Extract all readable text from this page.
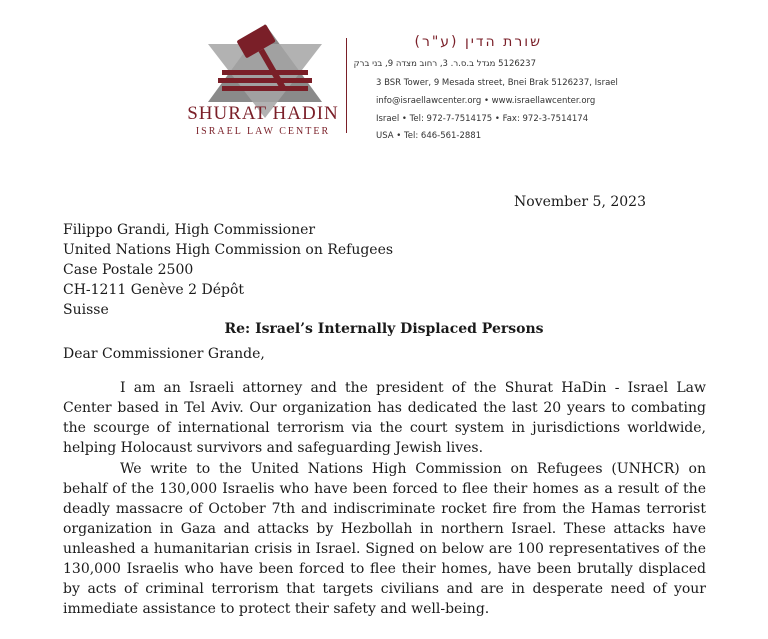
SHURAT HADIN
ISRAEL LAW CENTER
שורת הדין (ע"ר)
5126237 מגדל ב.ס.ר. 3, רחוב מצדה 9, בני ברק
3 BSR Tower, 9 Mesada street, Bnei Brak 5126237, Israel
info@israellawcenter.org • www.israellawcenter.org
Israel • Tel: 972-7-7514175 • Fax: 972-3-7514174
USA • Tel: 646-561-2881
November 5, 2023
Filippo Grandi, High Commissioner
United Nations High Commission on Refugees
Case Postale 2500
CH-1211 Genève 2 Dépôt
Suisse
Re: Israel’s Internally Displaced Persons
Dear Commissioner Grande,

I am an Israeli attorney and the president of the Shurat HaDin - Israel Law Center based in Tel Aviv. Our organization has dedicated the last 20 years to combating the scourge of international terrorism via the court system in jurisdictions worldwide, helping Holocaust survivors and safeguarding Jewish lives.

We write to the United Nations High Commission on Refugees (UNHCR) on behalf of the 130,000 Israelis who have been forced to flee their homes as a result of the deadly massacre of October 7th and indiscriminate rocket fire from the Hamas terrorist organization in Gaza and attacks by Hezbollah in northern Israel. These attacks have unleashed a humanitarian crisis in Israel. Signed on below are 100 representatives of the 130,000 Israelis who have been forced to flee their homes, have been brutally displaced by acts of criminal terrorism that targets civilians and are in desperate need of your immediate assistance to protect their safety and well-being.
